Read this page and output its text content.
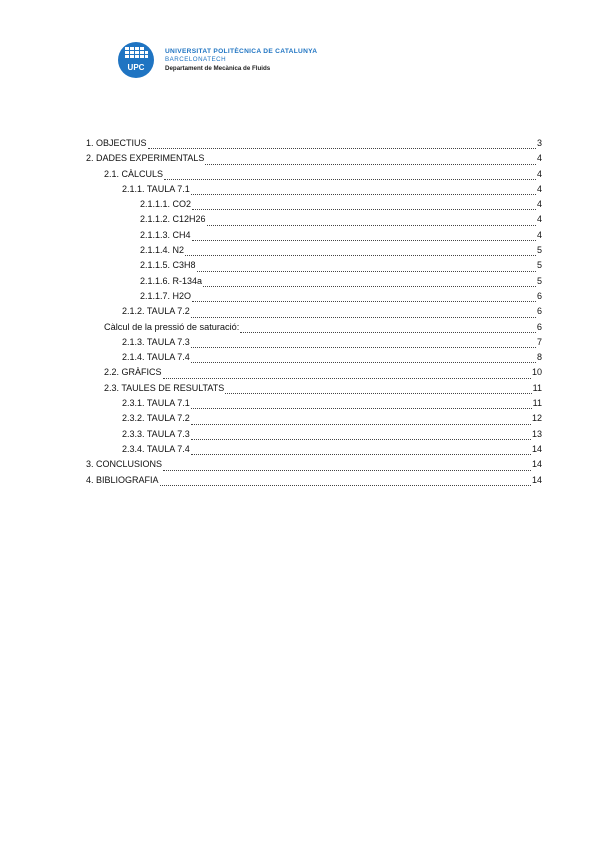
UPC
UNIVERSITAT POLITÈCNICA DE CATALUNYA
BARCELONATECH
Departament de Mecànica de Fluids
1. OBJECTIUS	3
2. DADES EXPERIMENTALS	4
2.1. CÀLCULS	4
2.1.1. TAULA 7.1	4
2.1.1.1. CO2	4
2.1.1.2. C12H26	4
2.1.1.3. CH4	4
2.1.1.4. N2	5
2.1.1.5. C3H8	5
2.1.1.6. R-134a	5
2.1.1.7. H2O	6
2.1.2. TAULA 7.2	6
Càlcul de la pressió de saturació:	6
2.1.3. TAULA 7.3	7
2.1.4. TAULA 7.4	8
2.2. GRÀFICS	10
2.3. TAULES DE RESULTATS	11
2.3.1. TAULA 7.1	11
2.3.2. TAULA 7.2	12
2.3.3. TAULA 7.3	13
2.3.4. TAULA 7.4	14
3. CONCLUSIONS	14
4. BIBLIOGRAFIA	14
